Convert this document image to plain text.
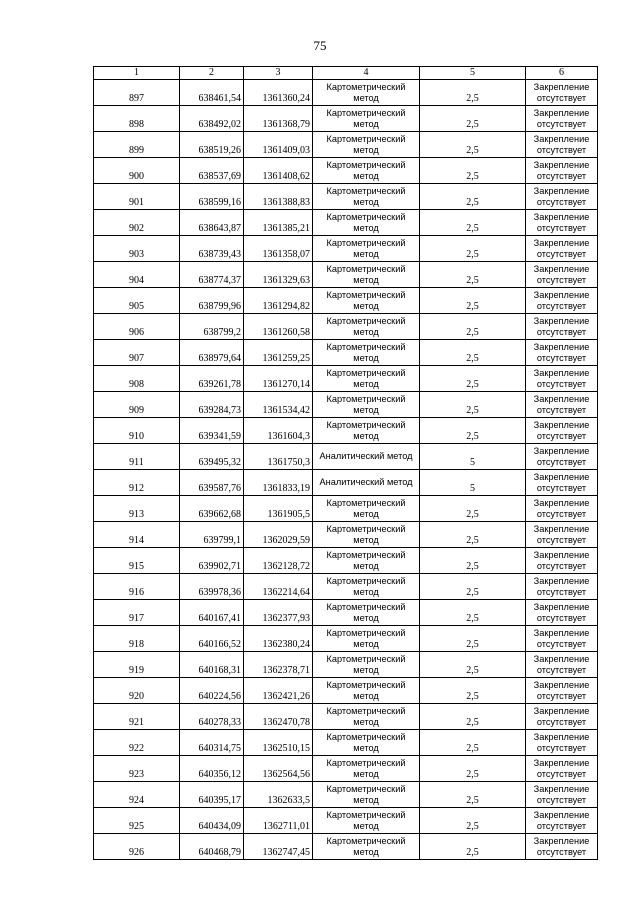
75
1	2	3	4	5	6
897	638461,54	1361360,24	Картометрический метод	2,5	Закрепление отсутствует
898	638492,02	1361368,79	Картометрический метод	2,5	Закрепление отсутствует
899	638519,26	1361409,03	Картометрический метод	2,5	Закрепление отсутствует
900	638537,69	1361408,62	Картометрический метод	2,5	Закрепление отсутствует
901	638599,16	1361388,83	Картометрический метод	2,5	Закрепление отсутствует
902	638643,87	1361385,21	Картометрический метод	2,5	Закрепление отсутствует
903	638739,43	1361358,07	Картометрический метод	2,5	Закрепление отсутствует
904	638774,37	1361329,63	Картометрический метод	2,5	Закрепление отсутствует
905	638799,96	1361294,82	Картометрический метод	2,5	Закрепление отсутствует
906	638799,2	1361260,58	Картометрический метод	2,5	Закрепление отсутствует
907	638979,64	1361259,25	Картометрический метод	2,5	Закрепление отсутствует
908	639261,78	1361270,14	Картометрический метод	2,5	Закрепление отсутствует
909	639284,73	1361534,42	Картометрический метод	2,5	Закрепление отсутствует
910	639341,59	1361604,3	Картометрический метод	2,5	Закрепление отсутствует
911	639495,32	1361750,3	Аналитический метод	5	Закрепление отсутствует
912	639587,76	1361833,19	Аналитический метод	5	Закрепление отсутствует
913	639662,68	1361905,5	Картометрический метод	2,5	Закрепление отсутствует
914	639799,1	1362029,59	Картометрический метод	2,5	Закрепление отсутствует
915	639902,71	1362128,72	Картометрический метод	2,5	Закрепление отсутствует
916	639978,36	1362214,64	Картометрический метод	2,5	Закрепление отсутствует
917	640167,41	1362377,93	Картометрический метод	2,5	Закрепление отсутствует
918	640166,52	1362380,24	Картометрический метод	2,5	Закрепление отсутствует
919	640168,31	1362378,71	Картометрический метод	2,5	Закрепление отсутствует
920	640224,56	1362421,26	Картометрический метод	2,5	Закрепление отсутствует
921	640278,33	1362470,78	Картометрический метод	2,5	Закрепление отсутствует
922	640314,75	1362510,15	Картометрический метод	2,5	Закрепление отсутствует
923	640356,12	1362564,56	Картометрический метод	2,5	Закрепление отсутствует
924	640395,17	1362633,5	Картометрический метод	2,5	Закрепление отсутствует
925	640434,09	1362711,01	Картометрический метод	2,5	Закрепление отсутствует
926	640468,79	1362747,45	Картометрический метод	2,5	Закрепление отсутствует
